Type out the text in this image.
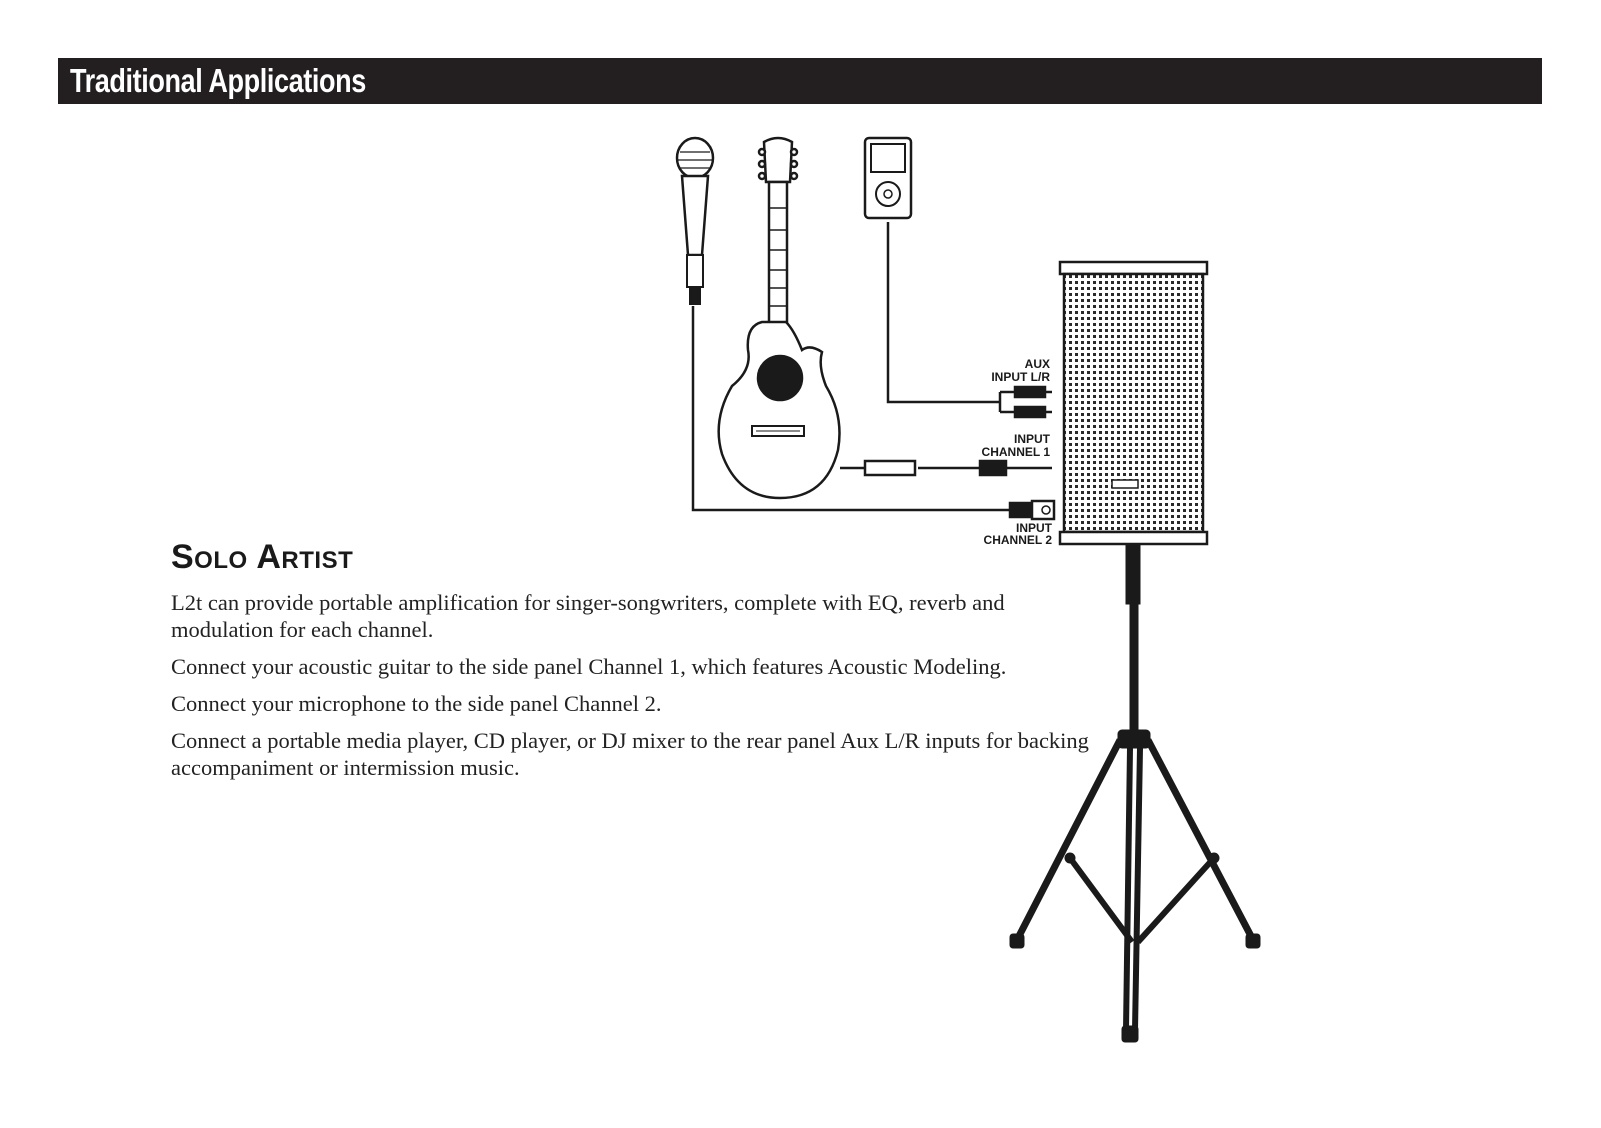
Traditional Applications
Solo Artist

L2t can provide portable amplification for singer-songwriters, complete with EQ, reverb and modulation for each channel.

Connect your acoustic guitar to the side panel Channel 1, which features Acoustic Modeling.

Connect your microphone to the side panel Channel 2.

Connect a portable media player, CD player, or DJ mixer to the rear panel Aux L/R inputs for backing accompaniment or intermission music.

AUX
INPUT L/R
INPUT
CHANNEL 1
INPUT
CHANNEL 2
